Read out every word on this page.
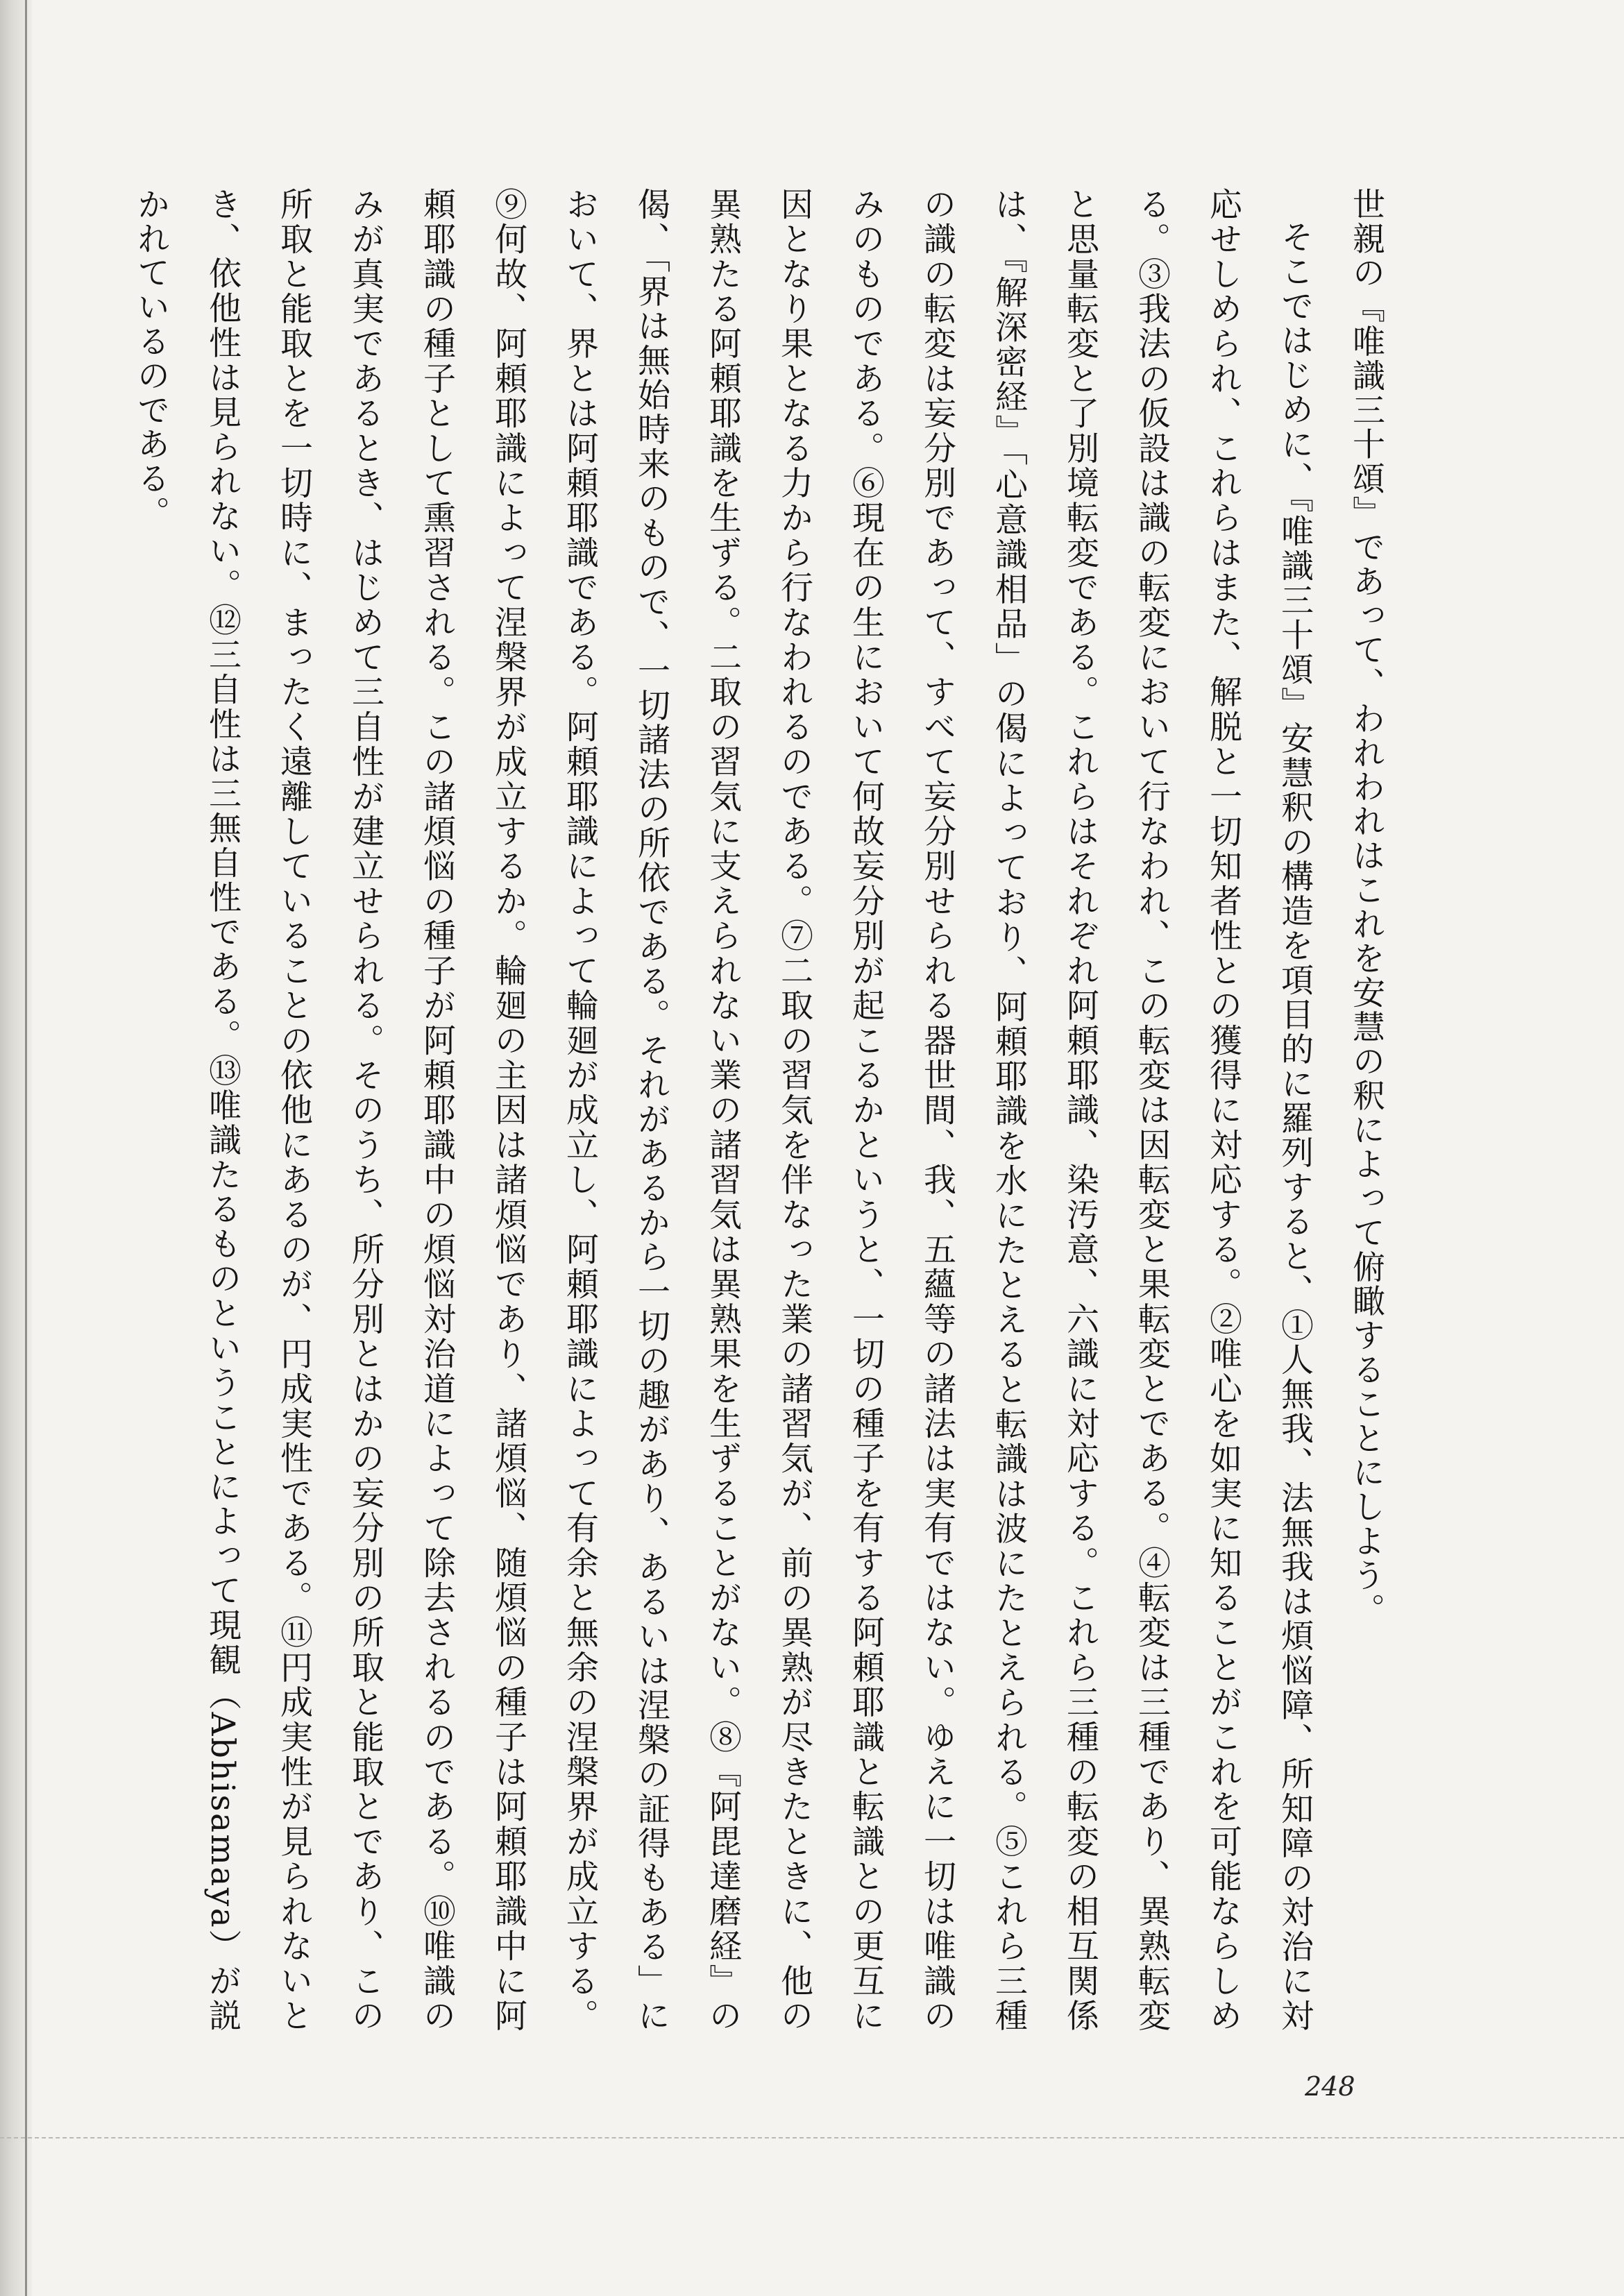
世親の『唯識三十頌』であって、われわれはこれを安慧の釈によって俯瞰することにしよう。

そこではじめに、『唯識三十頌』安慧釈の構造を項目的に羅列すると、①人無我、法無我は煩悩障、所知障の対治に対応せしめられ、これらはまた、解脱と一切知者性との獲得に対応する。②唯心を如実に知ることがこれを可能ならしめる。③我法の仮設は識の転変において行なわれ、この転変は因転変と果転変とである。④転変は三種であり、異熟転変と思量転変と了別境転変である。これらはそれぞれ阿頼耶識、染汚意、六識に対応する。これら三種の転変の相互関係は、『解深密経』「心意識相品」の偈によっており、阿頼耶識を水にたとえると転識は波にたとえられる。⑤これら三種の識の転変は妄分別であって、すべて妄分別せられる器世間、我、五蘊等の諸法は実有ではない。ゆえに一切は唯識のみのものである。⑥現在の生において何故妄分別が起こるかというと、一切の種子を有する阿頼耶識と転識との更互に因となり果となる力から行なわれるのである。⑦二取の習気を伴なった業の諸習気が、前の異熟が尽きたときに、他の異熟たる阿頼耶識を生ずる。二取の習気に支えられない業の諸習気は異熟果を生ずることがない。⑧『阿毘達磨経』の偈、「界は無始時来のもので、一切諸法の所依である。それがあるから一切の趣があり、あるいは涅槃の証得もある」において、界とは阿頼耶識である。阿頼耶識によって輪廻が成立し、阿頼耶識によって有余と無余の涅槃界が成立する。⑨何故、阿頼耶識によって涅槃界が成立するか。輪廻の主因は諸煩悩であり、諸煩悩、随煩悩の種子は阿頼耶識中に阿頼耶識の種子として熏習される。この諸煩悩の種子が阿頼耶識中の煩悩対治道によって除去されるのである。⑩唯識のみが真実であるとき、はじめて三自性が建立せられる。そのうち、所分別とはかの妄分別の所取と能取とであり、この所取と能取とを一切時に、まったく遠離していることの依他にあるのが、円成実性である。⑪円成実性が見られないとき、依他性は見られない。⑫三自性は三無自性である。⑬唯識たるものということによって現観（Abhisamaya）が説かれているのである。

248
